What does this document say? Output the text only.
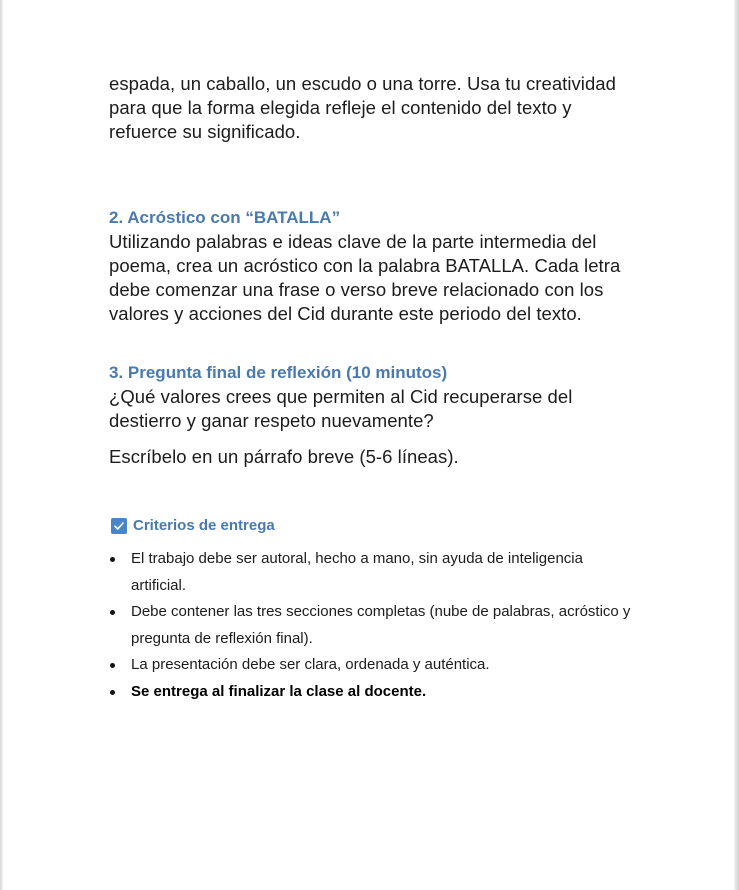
espada, un caballo, un escudo o una torre. Usa tu creatividad para que la forma elegida refleje el contenido del texto y refuerce su significado.

2. Acróstico con “BATALLA”

Utilizando palabras e ideas clave de la parte intermedia del poema, crea un acróstico con la palabra BATALLA. Cada letra debe comenzar una frase o verso breve relacionado con los valores y acciones del Cid durante este periodo del texto.

3. Pregunta final de reflexión (10 minutos)

¿Qué valores crees que permiten al Cid recuperarse del destierro y ganar respeto nuevamente?

Escríbelo en un párrafo breve (5-6 líneas).

Criterios de entrega
El trabajo debe ser autoral, hecho a mano, sin ayuda de inteligencia artificial.
Debe contener las tres secciones completas (nube de palabras, acróstico y pregunta de reflexión final).
La presentación debe ser clara, ordenada y auténtica.
Se entrega al finalizar la clase al docente.
